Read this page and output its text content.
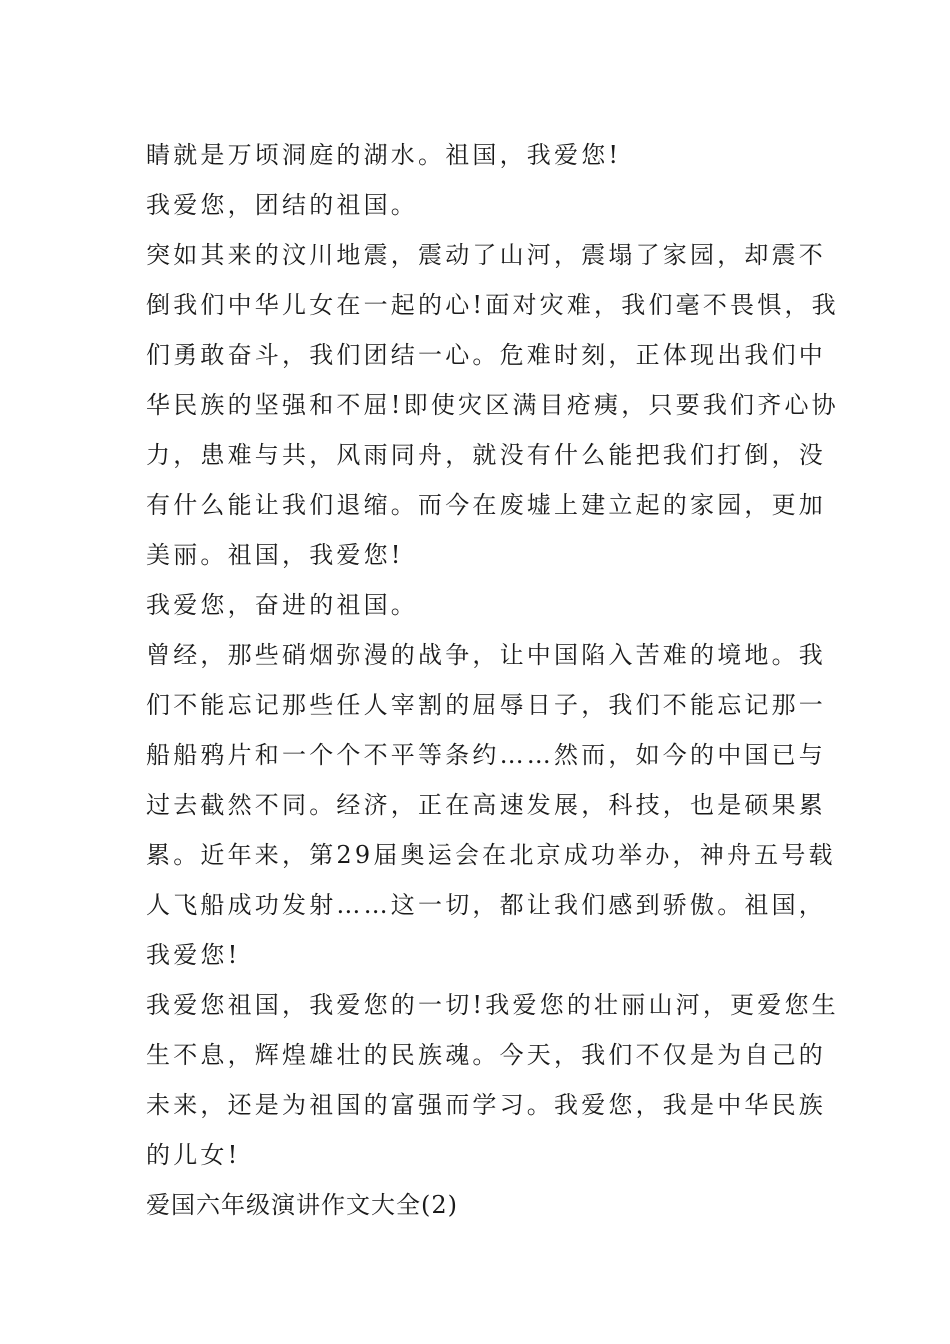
睛就是万顷洞庭的湖水。祖国，我爱您!
我爱您，团结的祖国。
突如其来的汶川地震，震动了山河，震塌了家园，却震不
倒我们中华儿女在一起的心!面对灾难，我们毫不畏惧，我
们勇敢奋斗，我们团结一心。危难时刻，正体现出我们中
华民族的坚强和不屈!即使灾区满目疮痍，只要我们齐心协
力，患难与共，风雨同舟，就没有什么能把我们打倒，没
有什么能让我们退缩。而今在废墟上建立起的家园，更加
美丽。祖国，我爱您!
我爱您，奋进的祖国。
曾经，那些硝烟弥漫的战争，让中国陷入苦难的境地。我
们不能忘记那些任人宰割的屈辱日子，我们不能忘记那一
船船鸦片和一个个不平等条约……然而，如今的中国已与
过去截然不同。经济，正在高速发展，科技，也是硕果累
累。近年来，第29届奥运会在北京成功举办，神舟五号载
人飞船成功发射……这一切，都让我们感到骄傲。祖国，
我爱您!
我爱您祖国，我爱您的一切!我爱您的壮丽山河，更爱您生
生不息，辉煌雄壮的民族魂。今天，我们不仅是为自己的
未来，还是为祖国的富强而学习。我爱您，我是中华民族
的儿女!
爱国六年级演讲作文大全(2)
